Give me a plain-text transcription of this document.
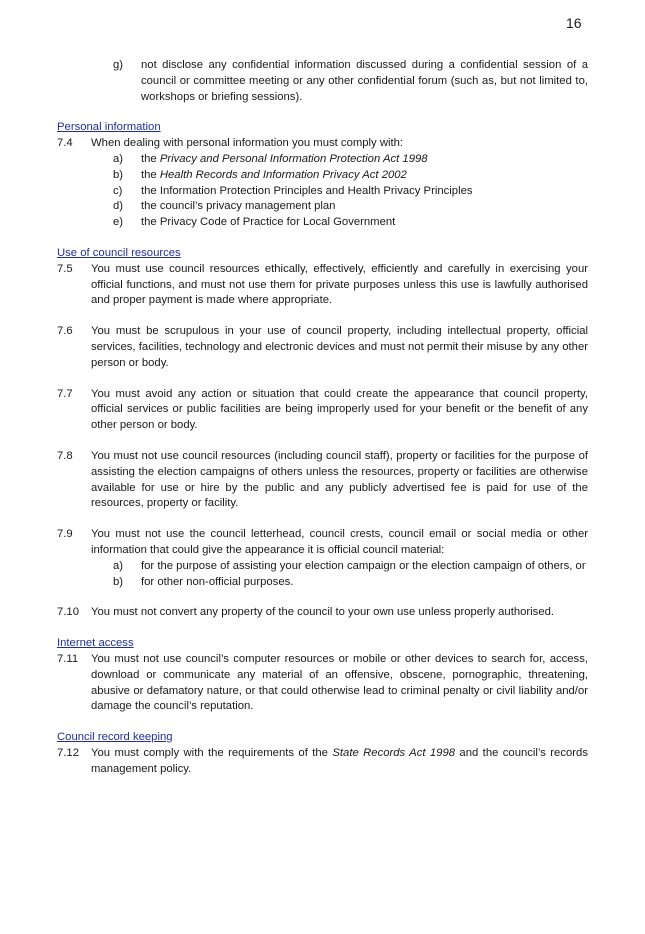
16
g)	not disclose any confidential information discussed during a confidential session of a council or committee meeting or any other confidential forum (such as, but not limited to, workshops or briefing sessions).
Personal information
7.4	When dealing with personal information you must comply with:
a)	the Privacy and Personal Information Protection Act 1998
b)	the Health Records and Information Privacy Act 2002
c)	the Information Protection Principles and Health Privacy Principles
d)	the council’s privacy management plan
e)	the Privacy Code of Practice for Local Government
Use of council resources
7.5	You must use council resources ethically, effectively, efficiently and carefully in exercising your official functions, and must not use them for private purposes unless this use is lawfully authorised and proper payment is made where appropriate.
7.6	You must be scrupulous in your use of council property, including intellectual property, official services, facilities, technology and electronic devices and must not permit their misuse by any other person or body.
7.7	You must avoid any action or situation that could create the appearance that council property, official services or public facilities are being improperly used for your benefit or the benefit of any other person or body.
7.8	You must not use council resources (including council staff), property or facilities for the purpose of assisting the election campaigns of others unless the resources, property or facilities are otherwise available for use or hire by the public and any publicly advertised fee is paid for use of the resources, property or facility.
7.9	You must not use the council letterhead, council crests, council email or social media or other information that could give the appearance it is official council material:
a)	for the purpose of assisting your election campaign or the election campaign of others, or
b)	for other non-official purposes.
7.10	You must not convert any property of the council to your own use unless properly authorised.
Internet access
7.11	You must not use council’s computer resources or mobile or other devices to search for, access, download or communicate any material of an offensive, obscene, pornographic, threatening, abusive or defamatory nature, or that could otherwise lead to criminal penalty or civil liability and/or damage the council’s reputation.
Council record keeping
7.12	You must comply with the requirements of the State Records Act 1998 and the council’s records management policy.
